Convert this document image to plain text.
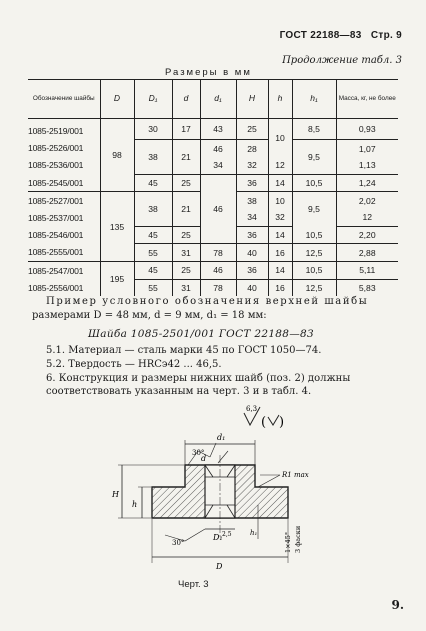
ГОСТ 22188—83 Стр. 9
Продолжение табл. 3
Размеры в мм
Обозначение шайбы	D	D₁	d	d₁	H	h	h₁	Масса, кг, не более
1085-2519/001	98	30	17	43	25	10	8,5	0,93
1085-2526/001		38	21	46	28		9,5	1,07
1085-2536/001				34	32	12		1,13
1085-2545/001		45	25	46	36	14	10,5	1,24
1085-2527/001	135	38	21		38	10	9,5	2,02
1085-2537/001					34	32		12
1085-2546/001		45	25		36	14	10,5	2,20
1085-2555/001		55	31	78	40	16	12,5	2,88
1085-2547/001	195	45	25	46	36	14	10,5	5,11
1085-2556/001		55	31	78	40	16	12,5	5,83
Пример условного обозначения верхней шайбы
размерами D = 48 мм, d = 9 мм, d₁ = 18 мм:
Шайба 1085-2501/001 ГОСТ 22188—83
5.1. Материал — сталь марки 45 по ГОСТ 1050—74.
5.2. Твердость — HRCэ42 ... 46,5.
6. Конструкция и размеры нижних шайб (поз. 2) должны соответствовать указанным на черт. 3 и в табл. 4.
6,3
( )
d₁
30°
d
R1 max
H
h
h₁
D₁
30°
D
2,5	1×45° 3 фаски
Черт. 3
9.
